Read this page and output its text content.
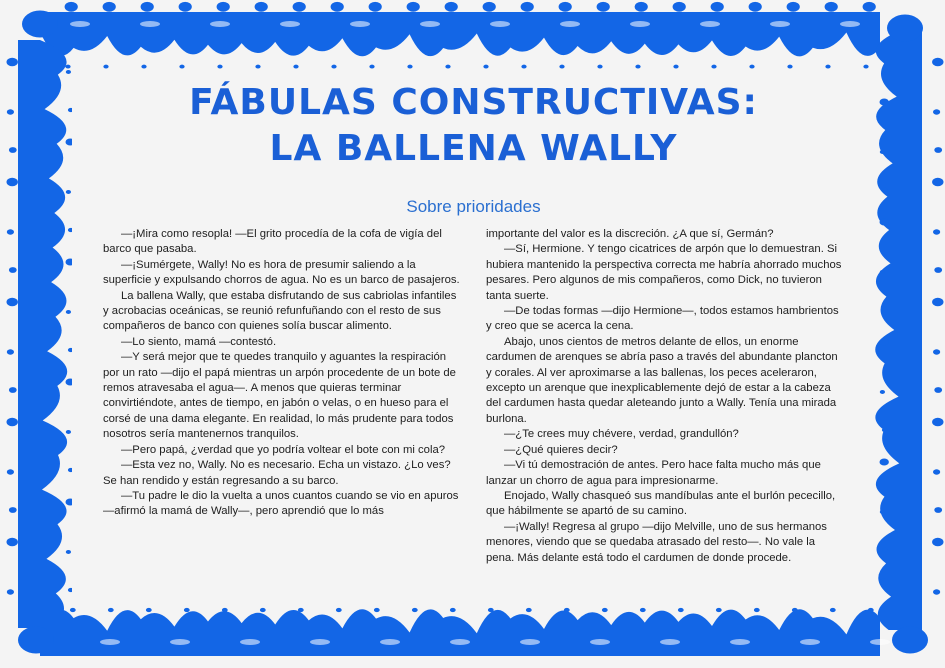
FÁBULAS CONSTRUCTIVAS:
LA BALLENA WALLY
Sobre prioridades

—¡Mira como resopla! —El grito procedía de la cofa de vigía del barco que pasaba.

—¡Sumérgete, Wally! No es hora de presumir saliendo a la superficie y expulsando chorros de agua. No es un barco de pasajeros.

La ballena Wally, que estaba disfrutando de sus cabriolas infantiles y acrobacias oceánicas, se reunió refunfuñando con el resto de sus compañeros de banco con quienes solía buscar alimento.

—Lo siento, mamá —contestó.

—Y será mejor que te quedes tranquilo y aguantes la respiración por un rato —dijo el papá mientras un arpón procedente de un bote de remos atravesaba el agua—. A menos que quieras terminar convirtiéndote, antes de tiempo, en jabón o velas, o en hueso para el corsé de una dama elegante. En realidad, lo más prudente para todos nosotros sería mantenernos tranquilos.

—Pero papá, ¿verdad que yo podría voltear el bote con mi cola?

—Esta vez no, Wally. No es necesario. Echa un vistazo. ¿Lo ves? Se han rendido y están regresando a su barco.

—Tu padre le dio la vuelta a unos cuantos cuando se vio en apuros —afirmó la mamá de Wally—, pero aprendió que lo más

importante del valor es la discreción. ¿A que sí, Germán?

—Sí, Hermione. Y tengo cicatrices de arpón que lo demuestran. Si hubiera mantenido la perspectiva correcta me habría ahorrado muchos pesares. Pero algunos de mis compañeros, como Dick, no tuvieron tanta suerte.

—De todas formas —dijo Hermione—, todos estamos hambrientos y creo que se acerca la cena.

Abajo, unos cientos de metros delante de ellos, un enorme cardumen de arenques se abría paso a través del abundante plancton y corales. Al ver aproximarse a las ballenas, los peces aceleraron, excepto un arenque que inexplicablemente dejó de estar a la cabeza del cardumen hasta quedar aleteando junto a Wally. Tenía una mirada burlona.

—¿Te crees muy chévere, verdad, grandullón?

—¿Qué quieres decir?

—Vi tú demostración de antes. Pero hace falta mucho más que lanzar un chorro de agua para impresionarme.

Enojado, Wally chasqueó sus mandíbulas ante el burlón pececillo, que hábilmente se apartó de su camino.

—¡Wally! Regresa al grupo —dijo Melville, uno de sus hermanos menores, viendo que se quedaba atrasado del resto—. No vale la pena. Más delante está todo el cardumen de donde procede.
